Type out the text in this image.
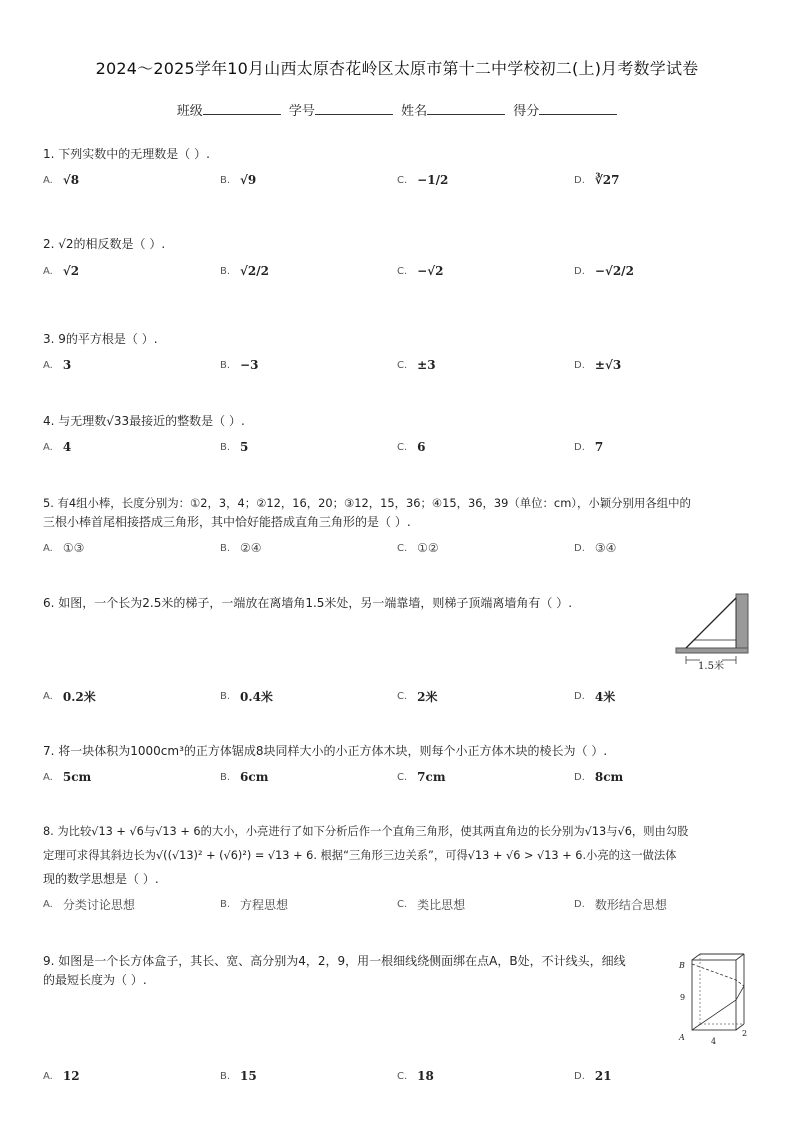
2024～2025学年10月山西太原杏花岭区太原市第十二中学校初二(上)月考数学试卷
班级	学号	姓名	得分
1. 下列实数中的无理数是（ ）.
A. √8	B. √9	C. −1/2	D. ∛27
2. √2的相反数是（ ）.
A. √2	B. √2/2	C. −√2	D. −√2/2
3. 9的平方根是（ ）.
A. 3	B. −3	C. ±3	D. ±√3
4. 与无理数√33最接近的整数是（ ）.
A. 4	B. 5	C. 6	D. 7
5. 有4组小棒，长度分别为：①2，3，4；②12，16，20；③12，15，36；④15，36，39（单位：cm），小颖分别用各组中的
三根小棒首尾相接搭成三角形，其中恰好能搭成直角三角形的是（ ）.
A. ①③	B. ②④	C. ①②	D. ③④
6. 如图，一个长为2.5米的梯子，一端放在离墙角1.5米处，另一端靠墙，则梯子顶端离墙角有（ ）.
1.5米
A. 0.2米	B. 0.4米	C. 2米	D. 4米
7. 将一块体积为1000cm³的正方体锯成8块同样大小的小正方体木块，则每个小正方体木块的棱长为（ ）.
A. 5cm	B. 6cm	C. 7cm	D. 8cm
8. 为比较√13 + √6与√13 + 6的大小，小亮进行了如下分析后作一个直角三角形，使其两直角边的长分别为√13与√6，则由勾股
定理可求得其斜边长为√((√13)² + (√6)²) = √13 + 6. 根据“三角形三边关系”，可得√13 + √6 > √13 + 6.小亮的这一做法体
现的数学思想是（ ）.
A. 分类讨论思想	B. 方程思想	C. 类比思想	D. 数形结合思想
9. 如图是一个长方体盒子，其长、宽、高分别为4，2，9，用一根细线绕侧面绑在点A，B处，不计线头，细线
的最短长度为（ ）.
B
A
9
4
2
A. 12	B. 15	C. 18	D. 21
